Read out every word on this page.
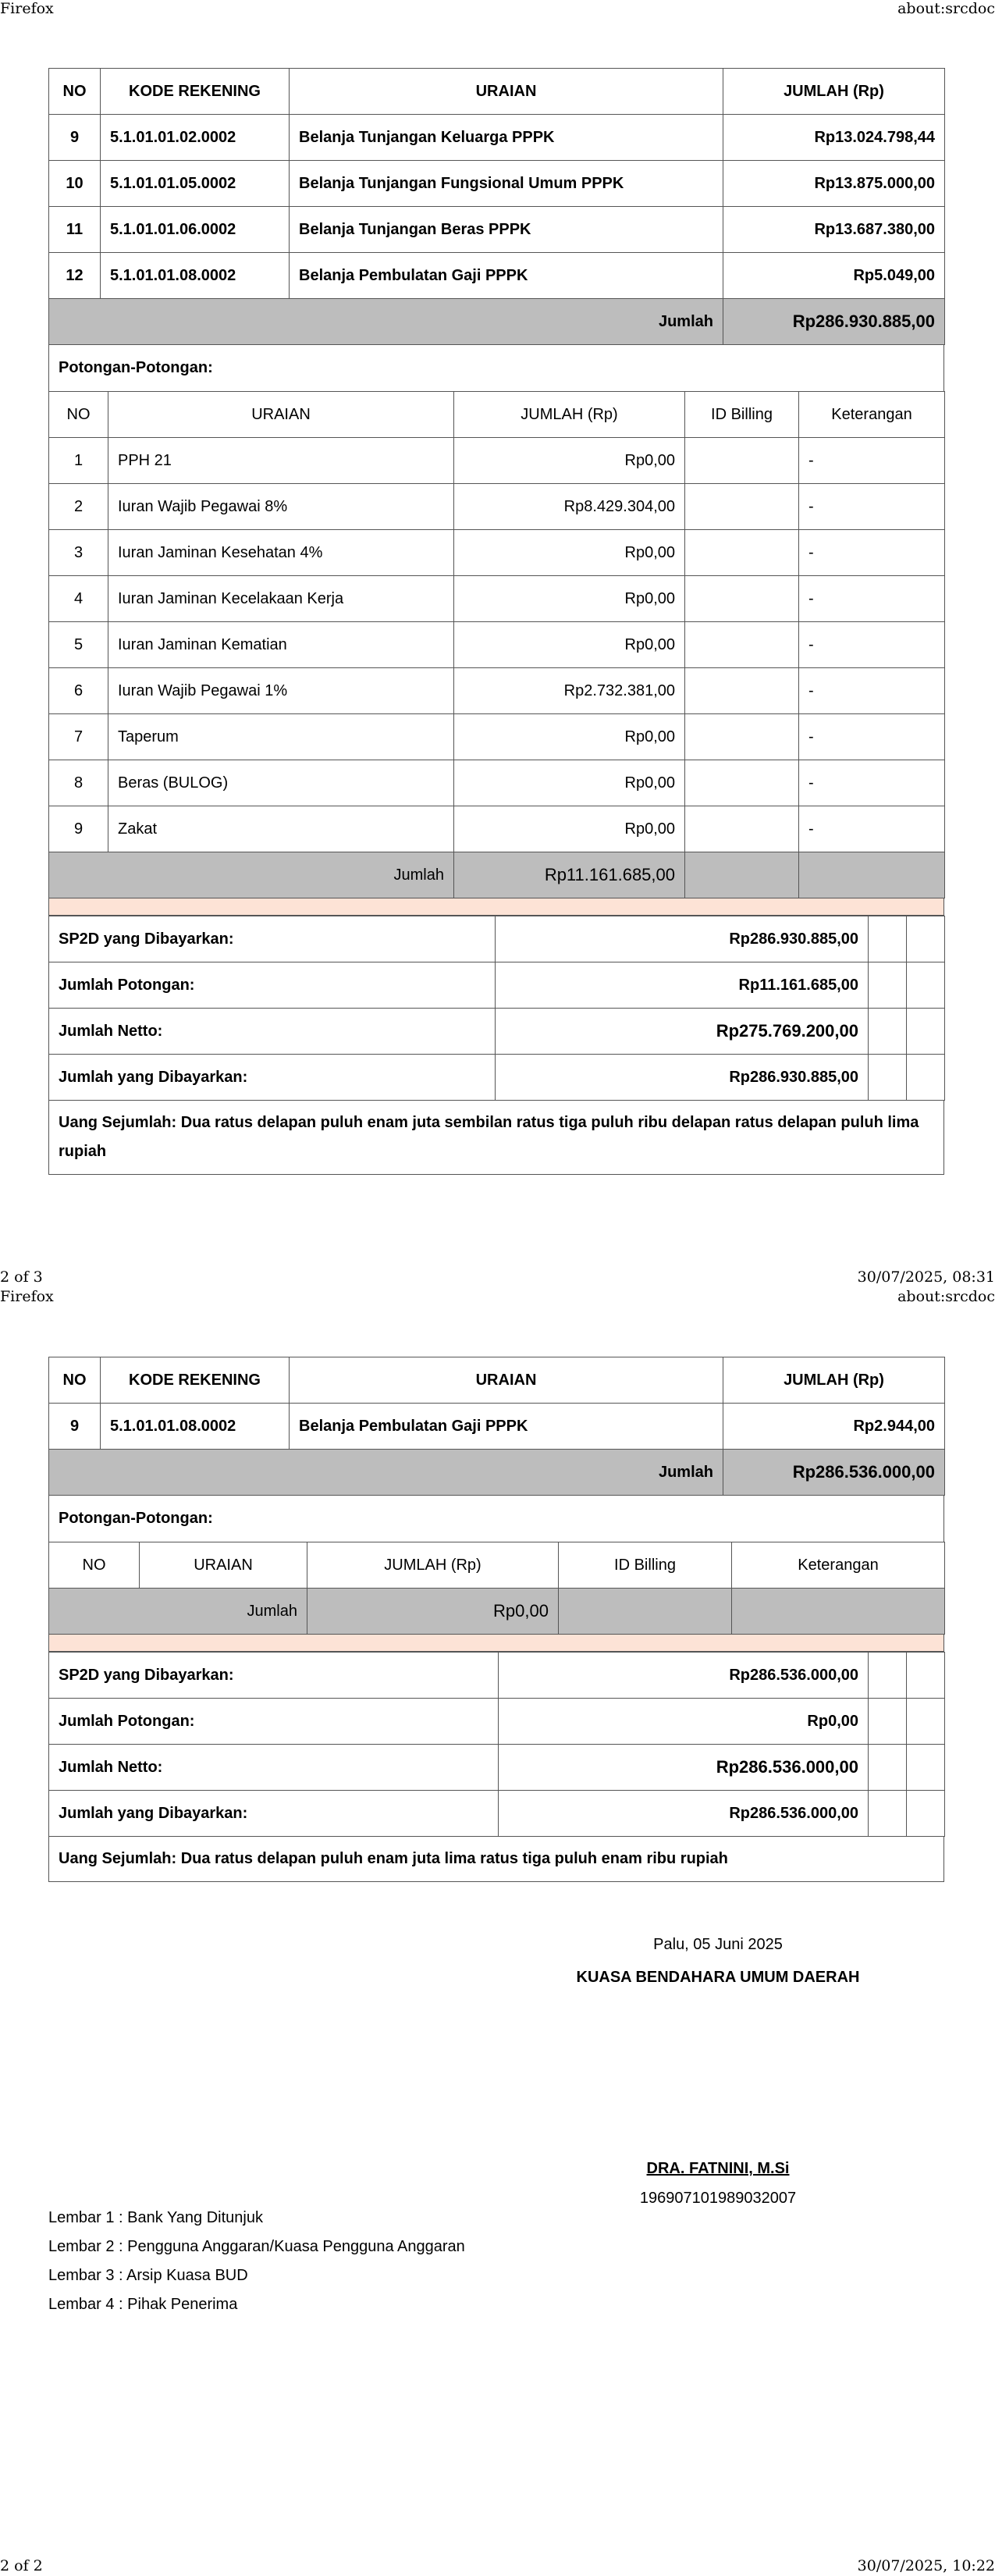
Firefox	about:srcdoc
NO	KODE REKENING	URAIAN	JUMLAH (Rp)
9	5.1.01.01.02.0002	Belanja Tunjangan Keluarga PPPK	Rp13.024.798,44
10	5.1.01.01.05.0002	Belanja Tunjangan Fungsional Umum PPPK	Rp13.875.000,00
11	5.1.01.01.06.0002	Belanja Tunjangan Beras PPPK	Rp13.687.380,00
12	5.1.01.01.08.0002	Belanja Pembulatan Gaji PPPK	Rp5.049,00
Jumlah			Rp286.930.885,00
Potongan-Potongan:
NO	URAIAN	JUMLAH (Rp)	ID Billing	Keterangan
1	PPH 21	Rp0,00		-
2	Iuran Wajib Pegawai 8%	Rp8.429.304,00		-
3	Iuran Jaminan Kesehatan 4%	Rp0,00		-
4	Iuran Jaminan Kecelakaan Kerja	Rp0,00		-
5	Iuran Jaminan Kematian	Rp0,00		-
6	Iuran Wajib Pegawai 1%	Rp2.732.381,00		-
7	Taperum	Rp0,00		-
8	Beras (BULOG)	Rp0,00		-
9	Zakat	Rp0,00		-
Jumlah		Rp11.161.685,00		
SP2D yang Dibayarkan:	Rp286.930.885,00		
Jumlah Potongan:	Rp11.161.685,00		
Jumlah Netto:	Rp275.769.200,00		
Jumlah yang Dibayarkan:	Rp286.930.885,00		
Uang Sejumlah: Dua ratus delapan puluh enam juta sembilan ratus tiga puluh ribu delapan ratus delapan puluh lima rupiah
2 of 3	30/07/2025, 08:31
Firefox	about:srcdoc
NO	KODE REKENING	URAIAN	JUMLAH (Rp)
9	5.1.01.01.08.0002	Belanja Pembulatan Gaji PPPK	Rp2.944,00
Jumlah			Rp286.536.000,00
Potongan-Potongan:
NO	URAIAN	JUMLAH (Rp)	ID Billing	Keterangan
Jumlah		Rp0,00		
SP2D yang Dibayarkan:	Rp286.536.000,00		
Jumlah Potongan:	Rp0,00		
Jumlah Netto:	Rp286.536.000,00		
Jumlah yang Dibayarkan:	Rp286.536.000,00		
Uang Sejumlah: Dua ratus delapan puluh enam juta lima ratus tiga puluh enam ribu rupiah
Palu, 05 Juni 2025
KUASA BENDAHARA UMUM DAERAH
DRA. FATNINI, M.Si
196907101989032007
Lembar 1 : Bank Yang Ditunjuk
Lembar 2 : Pengguna Anggaran/Kuasa Pengguna Anggaran
Lembar 3 : Arsip Kuasa BUD
Lembar 4 : Pihak Penerima
2 of 2	30/07/2025, 10:22
